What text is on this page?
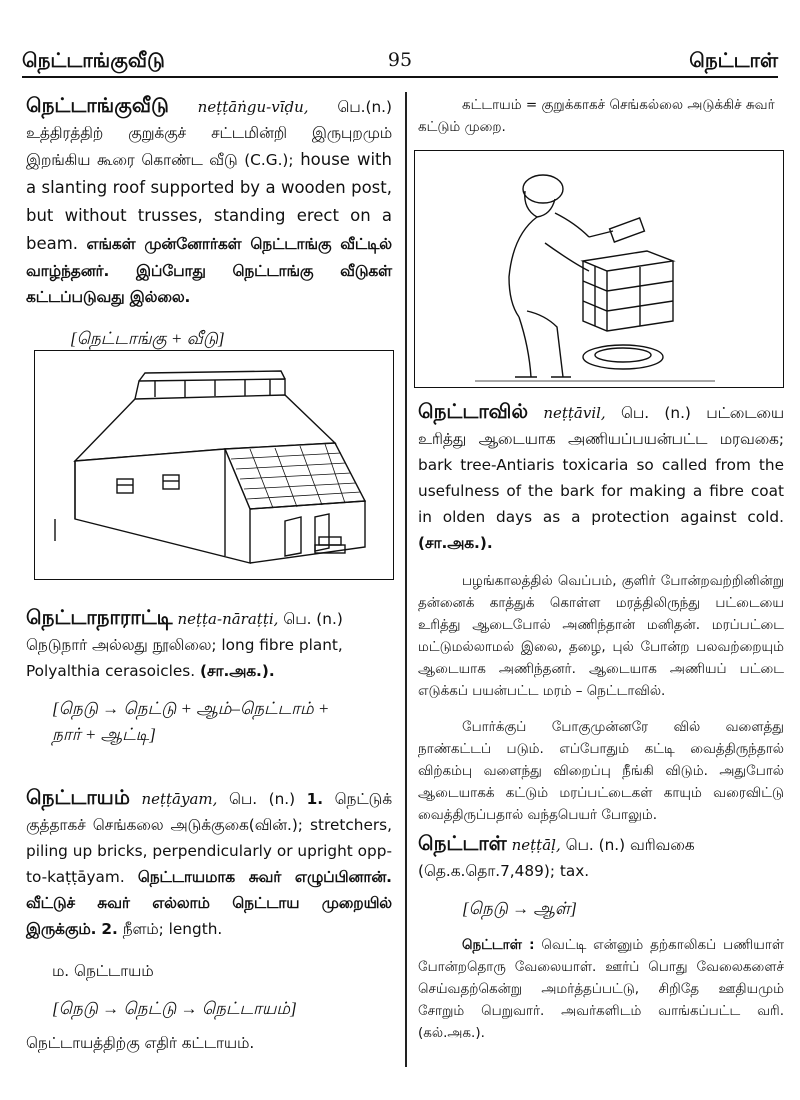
நெட்டாங்குவீடு	95	நெட்டாள்

நெட்டாங்குவீடு neṭṭāṅgu-vīḍu, பெ.(n.) உத்திரத்திற் குறுக்குச் சட்டமின்றி இருபுறமும் இறங்கிய கூரை கொண்ட வீடு (C.G.); house with a slanting roof supported by a wooden post, but without trusses, standing erect on a beam. எங்கள் முன்னோர்கள் நெட்டாங்கு வீட்டில் வாழ்ந்தனர். இப்போது நெட்டாங்கு வீடுகள் கட்டப்படுவது இல்லை.

[நெட்டாங்கு + வீடு]

நெட்டாநாராட்டி neṭṭa-nāraṭṭi, பெ. (n.) நெடுநார் அல்லது நூலிலை; long fibre plant, Polyalthia cerasoicles. (சா.அக.).

[நெடு → நெட்டு + ஆம்–நெட்டாம் +

நார் + ஆட்டி]

நெட்டாயம் neṭṭāyam, பெ. (n.) 1. நெட்டுக் குத்தாகச் செங்கலை அடுக்குகை(வின்.); stretchers, piling up bricks, perpendicularly or upright opp-to-kaṭṭāyam. நெட்டாயமாக சுவர் எழுப்பினான். வீட்டுச் சுவர் எல்லாம் நெட்டாய முறையில் இருக்கும். 2. நீளம்; length.

ம. நெட்டாயம்

[நெடு → நெட்டு → நெட்டாயம்]

நெட்டாயத்திற்கு எதிர் கட்டாயம்.

கட்டாயம் = குறுக்காகச் செங்கல்லை அடுக்கிச் சுவர் கட்டும் முறை.

நெட்டாவில் neṭṭāvil, பெ. (n.) பட்டையை உரித்து ஆடையாக அணியப்பயன்பட்ட மரவகை; bark tree-Antiaris toxicaria so called from the usefulness of the bark for making a fibre coat in olden days as a protection against cold. (சா.அக.).

பழங்காலத்தில் வெப்பம், குளிர் போன்றவற்றினின்று தன்னைக் காத்துக் கொள்ள மரத்திலிருந்து பட்டையை உரித்து ஆடைபோல் அணிந்தான் மனிதன். மரப்பட்டை மட்டுமல்லாமல் இலை, தழை, புல் போன்ற பலவற்றையும் ஆடையாக அணிந்தனர். ஆடையாக அணியப் பட்டை எடுக்கப் பயன்பட்ட மரம் – நெட்டாவில்.

போர்க்குப் போகுமுன்னரே வில் வளைத்து நாண்கட்டப் படும். எப்போதும் கட்டி வைத்திருந்தால் விற்கம்பு வளைந்து விறைப்பு நீங்கி விடும். அதுபோல் ஆடையாகக் கட்டும் மரப்பட்டைகள் காயும் வரைவிட்டு வைத்திருப்பதால் வந்தபெயர் போலும்.

நெட்டாள் neṭṭāḷ, பெ. (n.) வரிவகை (தெ.க.தொ.7,489); tax.

[நெடு → ஆள்]

நெட்டாள் : வெட்டி என்னும் தற்காலிகப் பணியாள் போன்றதொரு வேலையாள். ஊர்ப் பொது வேலைகளைச் செய்வதற்கென்று அமர்த்தப்பட்டு, சிறிதே ஊதியமும் சோறும் பெறுவார். அவர்களிடம் வாங்கப்பட்ட வரி. (கல்.அக.).
